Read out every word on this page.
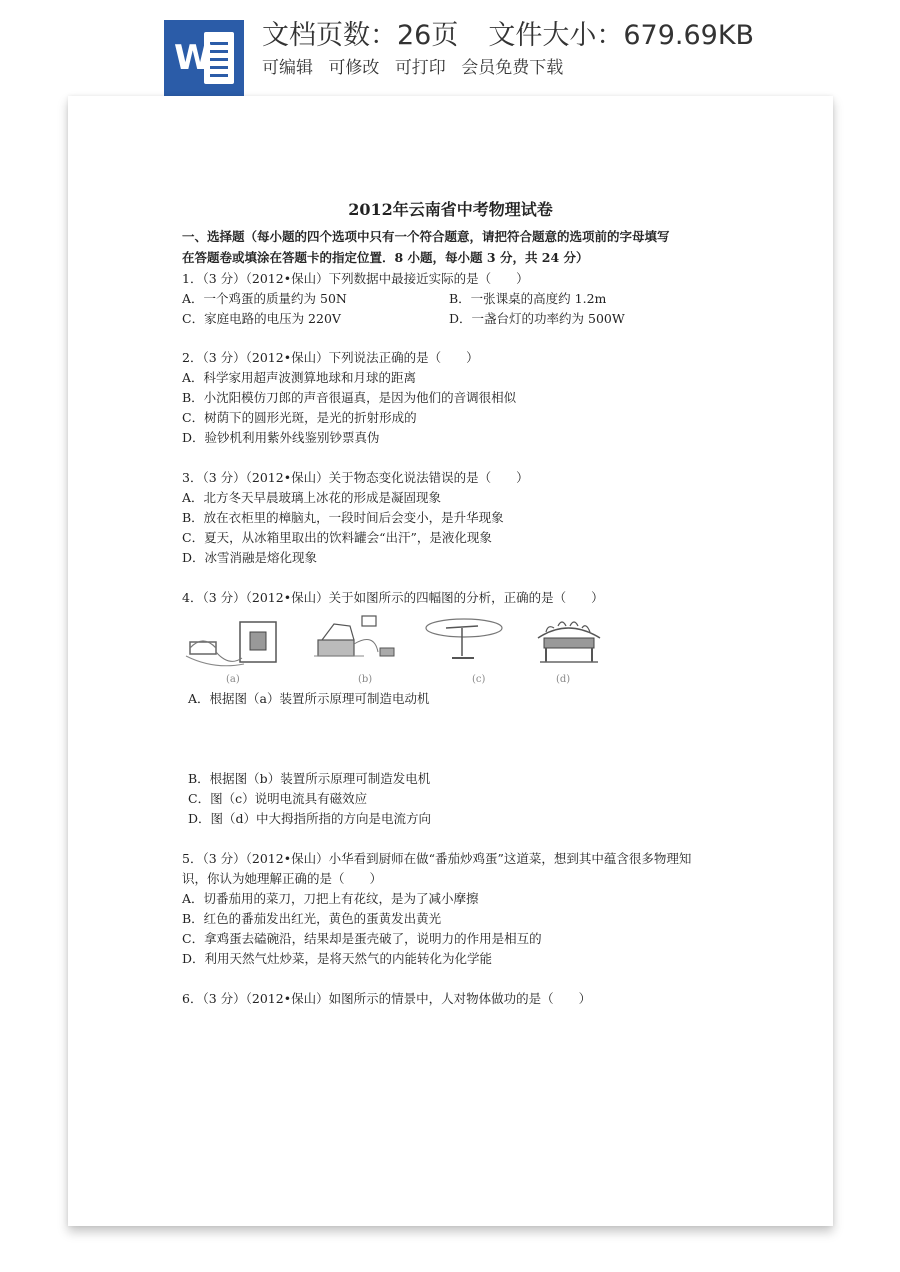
W
文档页数：26页 文件大小：679.69KB
可编辑 可修改 可打印 会员免费下载
2012年云南省中考物理试卷
一、选择题（每小题的四个选项中只有一个符合题意，请把符合题意的选项前的字母填写
在答题卷或填涂在答题卡的指定位置．8 小题，每小题 3 分，共 24 分）
1．（3 分）（2012•保山）下列数据中最接近实际的是（　　）
A．一个鸡蛋的质量约为 50N	B．一张课桌的高度约 1.2m
C．家庭电路的电压为 220V	D．一盏台灯的功率约为 500W
2．（3 分）（2012•保山）下列说法正确的是（　　）
A．科学家用超声波测算地球和月球的距离
B．小沈阳模仿刀郎的声音很逼真，是因为他们的音调很相似
C．树荫下的圆形光斑，是光的折射形成的
D．验钞机利用紫外线鉴别钞票真伪
3．（3 分）（2012•保山）关于物态变化说法错误的是（　　）
A．北方冬天早晨玻璃上冰花的形成是凝固现象
B．放在衣柜里的樟脑丸，一段时间后会变小，是升华现象
C．夏天，从冰箱里取出的饮料罐会“出汗”，是液化现象
D．冰雪消融是熔化现象
4．（3 分）（2012•保山）关于如图所示的四幅图的分析，正确的是（　　）
(a)	(b)	(c)	(d)
A．根据图（a）装置所示原理可制造电动机
B．根据图（b）装置所示原理可制造发电机
C．图（c）说明电流具有磁效应
D．图（d）中大拇指所指的方向是电流方向
5．（3 分）（2012•保山）小华看到厨师在做“番茄炒鸡蛋”这道菜，想到其中蕴含很多物理知
识，你认为她理解正确的是（　　）
A．切番茄用的菜刀，刀把上有花纹，是为了减小摩擦
B．红色的番茄发出红光，黄色的蛋黄发出黄光
C．拿鸡蛋去磕碗沿，结果却是蛋壳破了，说明力的作用是相互的
D．利用天然气灶炒菜，是将天然气的内能转化为化学能
6．（3 分）（2012•保山）如图所示的情景中，人对物体做功的是（　　）
